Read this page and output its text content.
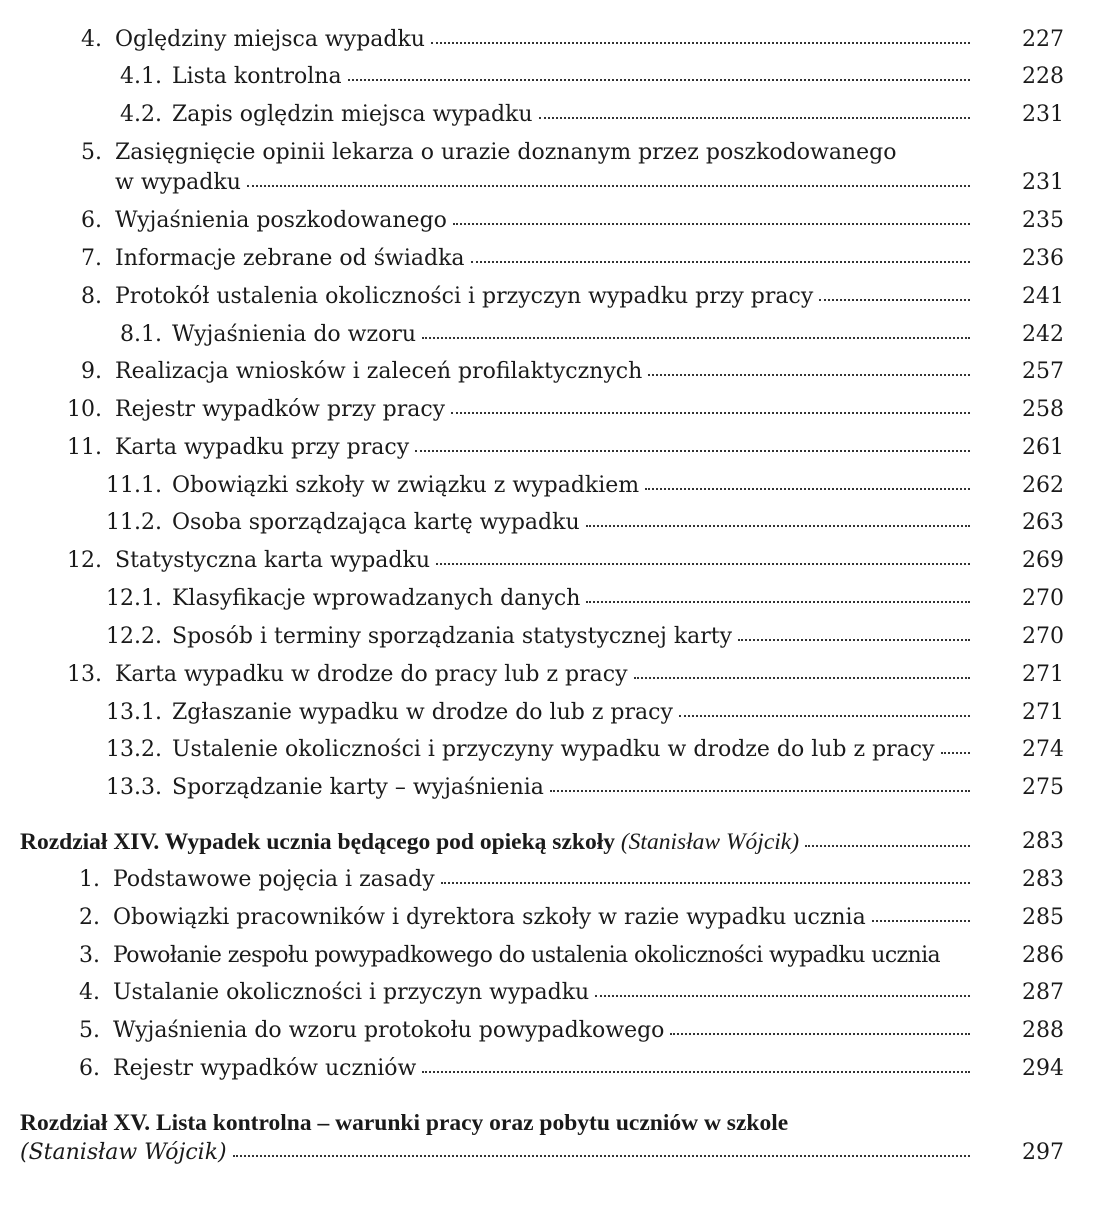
4. Oględziny miejsca wypadku	227
4.1. Lista kontrolna	228
4.2. Zapis oględzin miejsca wypadku	231
5. Zasięgnięcie opinii lekarza o urazie doznanym przez poszkodowanego
w wypadku	231
6. Wyjaśnienia poszkodowanego	235
7. Informacje zebrane od świadka	236
8. Protokół ustalenia okoliczności i przyczyn wypadku przy pracy	241
8.1. Wyjaśnienia do wzoru	242
9. Realizacja wniosków i zaleceń profilaktycznych	257
10. Rejestr wypadków przy pracy	258
11. Karta wypadku przy pracy	261
11.1. Obowiązki szkoły w związku z wypadkiem	262
11.2. Osoba sporządzająca kartę wypadku	263
12. Statystyczna karta wypadku	269
12.1. Klasyfikacje wprowadzanych danych	270
12.2. Sposób i terminy sporządzania statystycznej karty	270
13. Karta wypadku w drodze do pracy lub z pracy	271
13.1. Zgłaszanie wypadku w drodze do lub z pracy	271
13.2. Ustalenie okoliczności i przyczyny wypadku w drodze do lub z pracy	274
13.3. Sporządzanie karty – wyjaśnienia	275
Rozdział XIV. Wypadek ucznia będącego pod opieką szkoły (Stanisław Wójcik)	283
1. Podstawowe pojęcia i zasady	283
2. Obowiązki pracowników i dyrektora szkoły w razie wypadku ucznia	285
3. Powołanie zespołu powypadkowego do ustalenia okoliczności wypadku ucznia	286
4. Ustalanie okoliczności i przyczyn wypadku	287
5. Wyjaśnienia do wzoru protokołu powypadkowego	288
6. Rejestr wypadków uczniów	294
Rozdział XV. Lista kontrolna – warunki pracy oraz pobytu uczniów w szkole
(Stanisław Wójcik)	297
